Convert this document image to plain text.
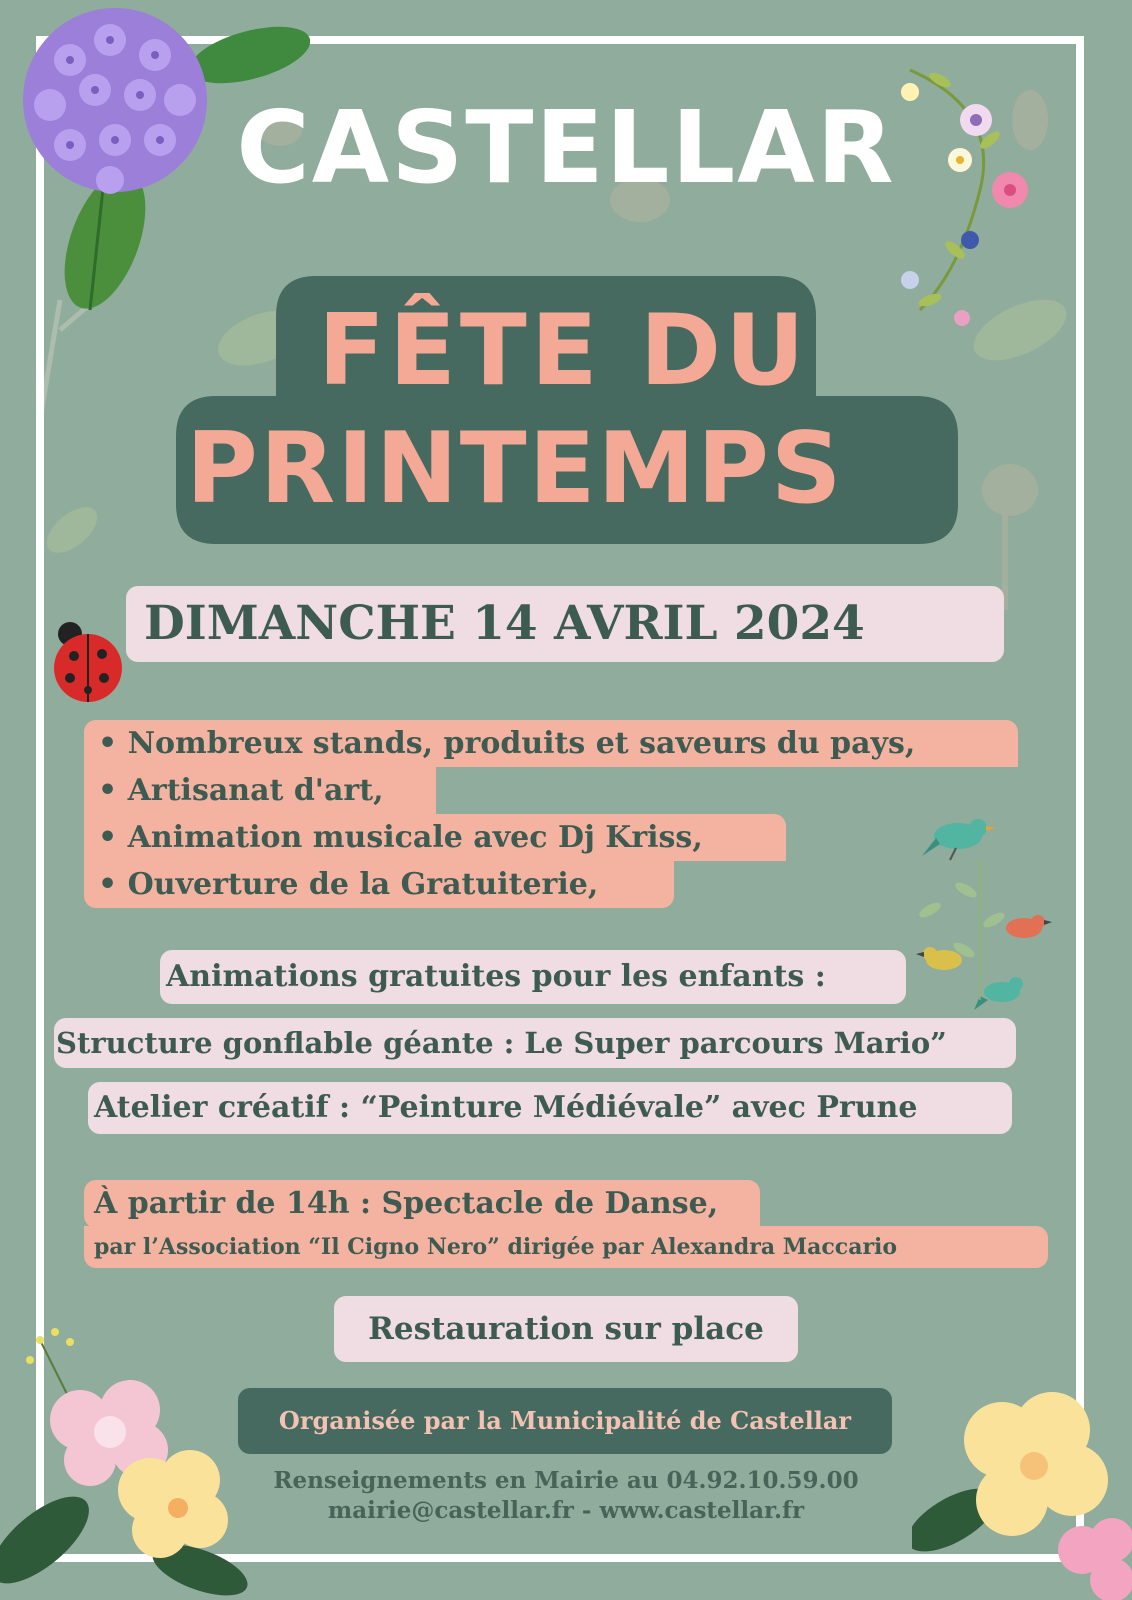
CASTELLAR
FÊTE DU
PRINTEMPS
DIMANCHE 14 AVRIL 2024
• Nombreux stands, produits et saveurs du pays,
• Artisanat d'art,
• Animation musicale avec Dj Kriss,
• Ouverture de la Gratuiterie,
Animations gratuites pour les enfants :
Structure gonflable géante : Le Super parcours Mario”
Atelier créatif : “Peinture Médiévale” avec Prune
À partir de 14h : Spectacle de Danse,
par l’Association “Il Cigno Nero” dirigée par Alexandra Maccario
Restauration sur place
Organisée par la Municipalité de Castellar
Renseignements en Mairie au 04.92.10.59.00
mairie@castellar.fr - www.castellar.fr
